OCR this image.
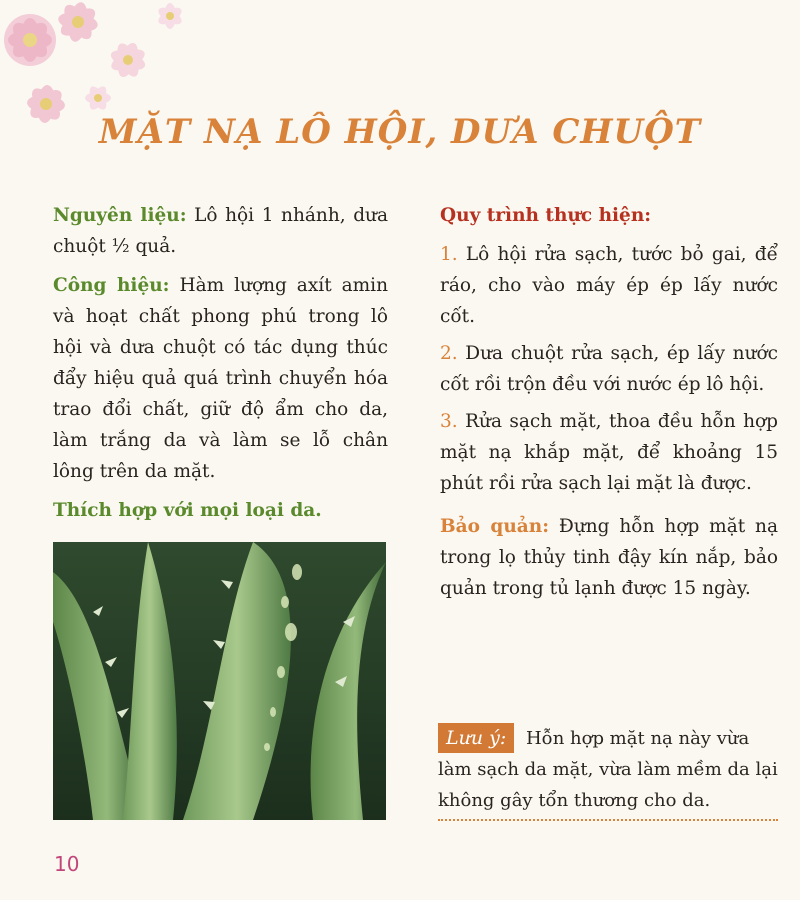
MẶT NẠ LÔ HỘI, DƯA CHUỘT

Nguyên liệu: Lô hội 1 nhánh, dưa chuột ½ quả.

Công hiệu: Hàm lượng axít amin và hoạt chất phong phú trong lô hội và dưa chuột có tác dụng thúc đẩy hiệu quả quá trình chuyển hóa trao đổi chất, giữ độ ẩm cho da, làm trắng da và làm se lỗ chân lông trên da mặt.

Thích hợp với mọi loại da.

Quy trình thực hiện:

1. Lô hội rửa sạch, tước bỏ gai, để ráo, cho vào máy ép ép lấy nước cốt.

2. Dưa chuột rửa sạch, ép lấy nước cốt rồi trộn đều với nước ép lô hội.

3. Rửa sạch mặt, thoa đều hỗn hợp mặt nạ khắp mặt, để khoảng 15 phút rồi rửa sạch lại mặt là được.

Bảo quản: Đựng hỗn hợp mặt nạ trong lọ thủy tinh đậy kín nắp, bảo quản trong tủ lạnh được 15 ngày.

Lưu ý: Hỗn hợp mặt nạ này vừa làm sạch da mặt, vừa làm mềm da lại không gây tổn thương cho da.
10
